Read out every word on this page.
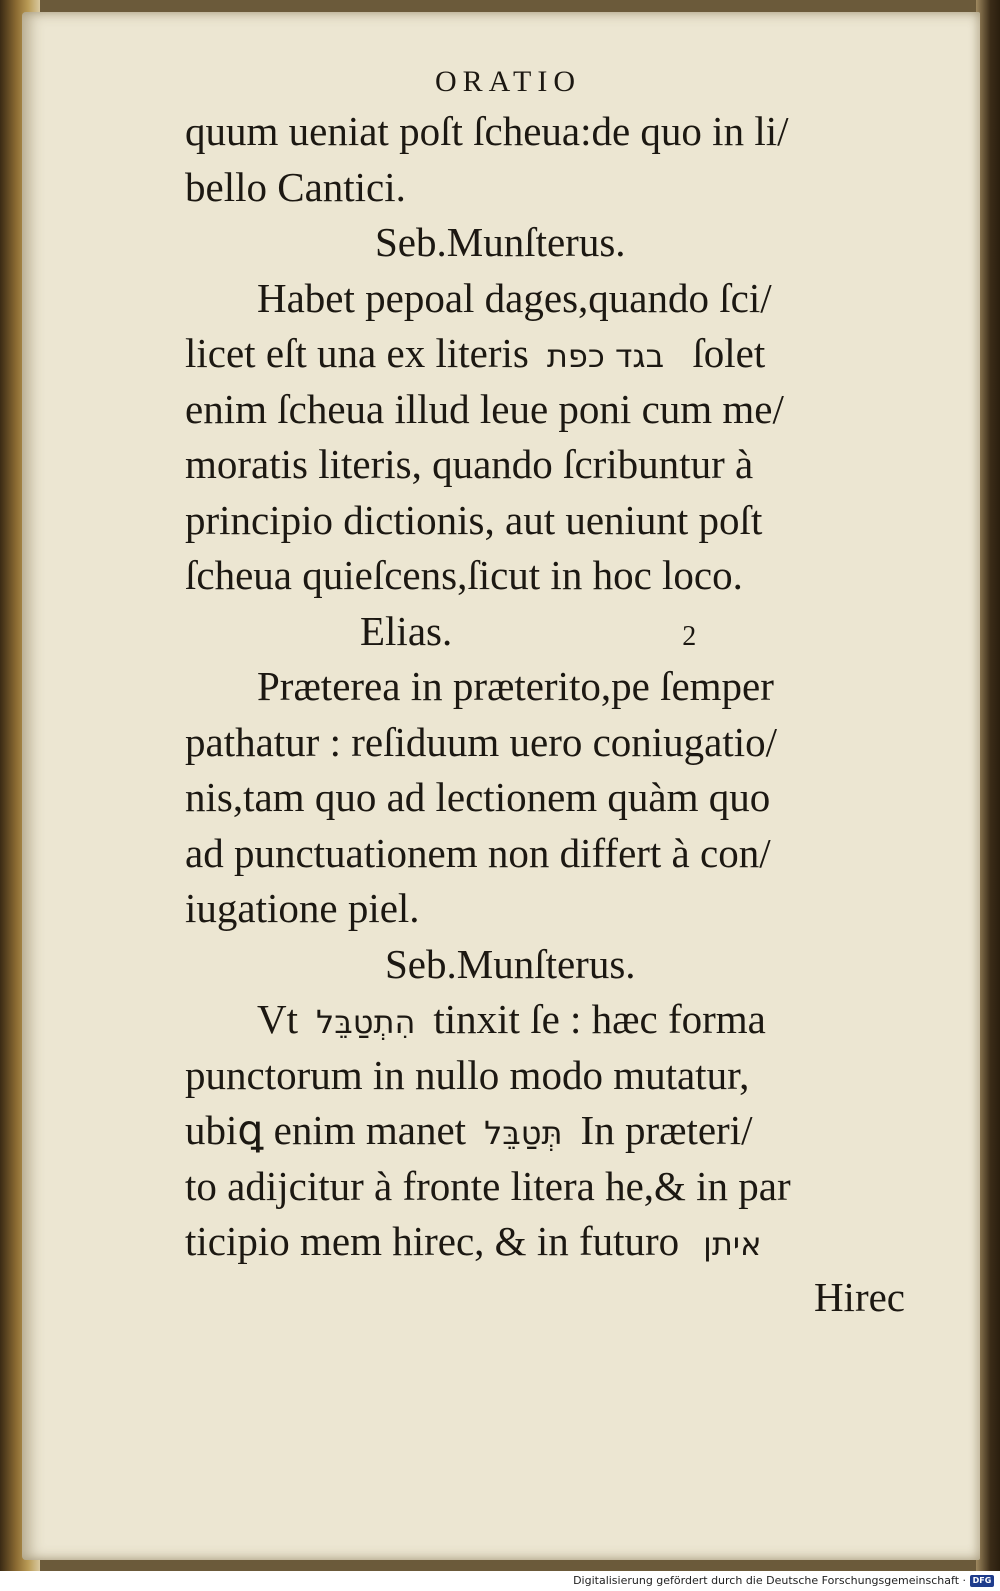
ORATIO
quum ueniat poſt ſcheua:de quo in li/
bello Cantici.
Seb.Munſterus.
Habet pepoal dages,quando ſci/
licet eſt una ex literis בגד כפת ſolet
enim ſcheua illud leue poni cum me/
moratis literis, quando ſcribuntur à
principio dictionis, aut ueniunt poſt
ſcheua quieſcens,ſicut in hoc loco.
Elias.	2
Præterea in præterito,pe ſemper
pathatur : reſiduum uero coniugatio/
nis,tam quo ad lectionem quàm quo
ad punctuationem non differt à con/
iugatione piel.
Seb.Munſterus.
Vt הִתְטַבֵּל tinxit ſe : hæc forma
punctorum in nullo modo mutatur,
ubiꝗ enim manet תְּטַבֵּל In præteri/
to adijcitur à fronte litera he,& in par
ticipio mem hirec, & in futuro איתן
Hirec
Digitalisierung gefördert durch die Deutsche Forschungsgemeinschaft · DFG
